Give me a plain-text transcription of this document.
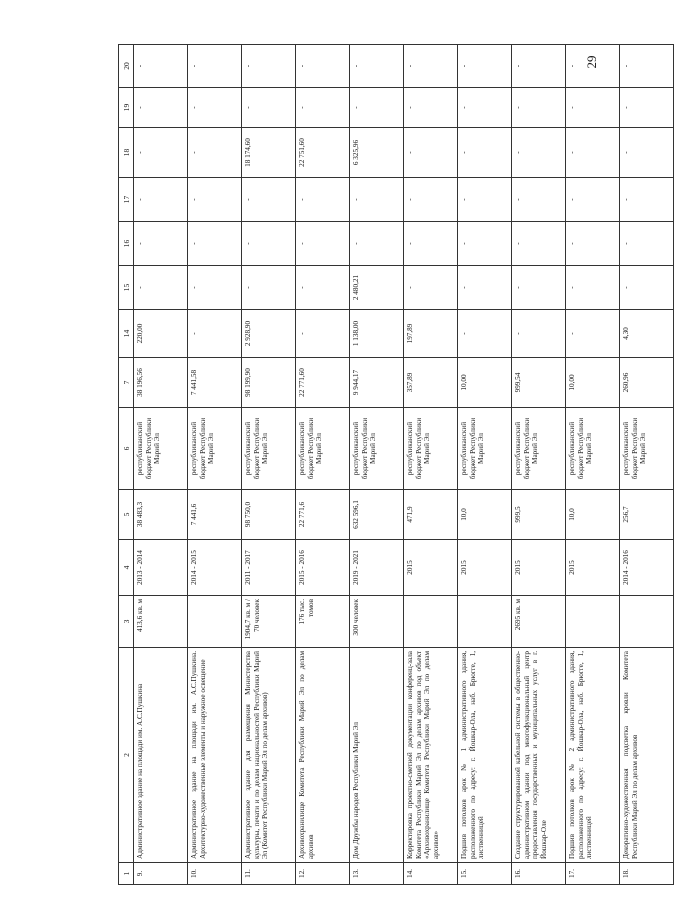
29
1	2	3	4	5	6	7	14	15	16	17	18	19	20
9.	Административное здание на площади им. А.С.Пушкина	413,6 кв. м	2013 - 2014	38 483,3	республиканский бюджет Республики Марий Эл	38 196,56	220,00	-	-	-	-	-	-
10.	Административное здание на площади им. А.С.Пушкина. Архитектурно-художественные элементы и наружное освещение		2014 - 2015	7 441,6	республиканский бюджет Республики Марий Эл	7 441,58	-	-	-	-	-	-	-
11.	Административное здание для размещения Министерства культуры, печати и по делам национальностей Республики Марий Эл (Комитет Республики Марий Эл по делам архивов)	1904,7 кв. м / 70 человек	2011 - 2017	98 750,0	республиканский бюджет Республики Марий Эл	98 199,90	2 928,90	-	-	-	18 174,60	-	-
12.	Архивохранилище Комитета Республики Марий Эл по делам архивов	176 тыс. томов	2015 - 2016	22 771,6	республиканский бюджет Республики Марий Эл	22 771,60	-	-	-	-	22 751,60	-	-
13.	Дом Дружбы народов Республики Марий Эл	300 человек	2019 - 2021	632 596,1	республиканский бюджет Республики Марий Эл	9 944,17	1 138,00	2 480,21	-	-	6 325,96	-	-
14.	Корректировка проектно-сметной документации конференц-зала Комитета Республики Марий Эл по делам архивов под объект «Архивохранилище Комитета Республики Марий Эл по делам архивов»		2015	471,9	республиканский бюджет Республики Марий Эл	357,89	197,89	-	-	-	-	-	-
15.	Подшив потолков арок № 1 административного здания, расположенного по адресу: г. Йошкар-Ола, наб. Брюгге, 1, лиственницей		2015	10,0	республиканский бюджет Республики Марий Эл	10,00	-	-	-	-	-	-	-
16.	Создание структурированной кабельной системы в общественно-административном здании под многофункциональный центр предоставления государственных и муниципальных услуг в г. Йошкар-Оле	2695 кв. м	2015	999,5	республиканский бюджет Республики Марий Эл	999,54	-	-	-	-	-	-	-
17.	Подшив потолков арок № 2 административного здания, расположенного по адресу: г. Йошкар-Ола, наб. Брюгге, 1, лиственницей		2015	10,0	республиканский бюджет Республики Марий Эл	10,00	-	-	-	-	-	-	-
18.	Декоративно-художественная подсветка кровли Комитета Республики Марий Эл по делам архивов		2014 - 2016	256,7	республиканский бюджет Республики Марий Эл	260,96	4,30	-	-	-	-	-	-
